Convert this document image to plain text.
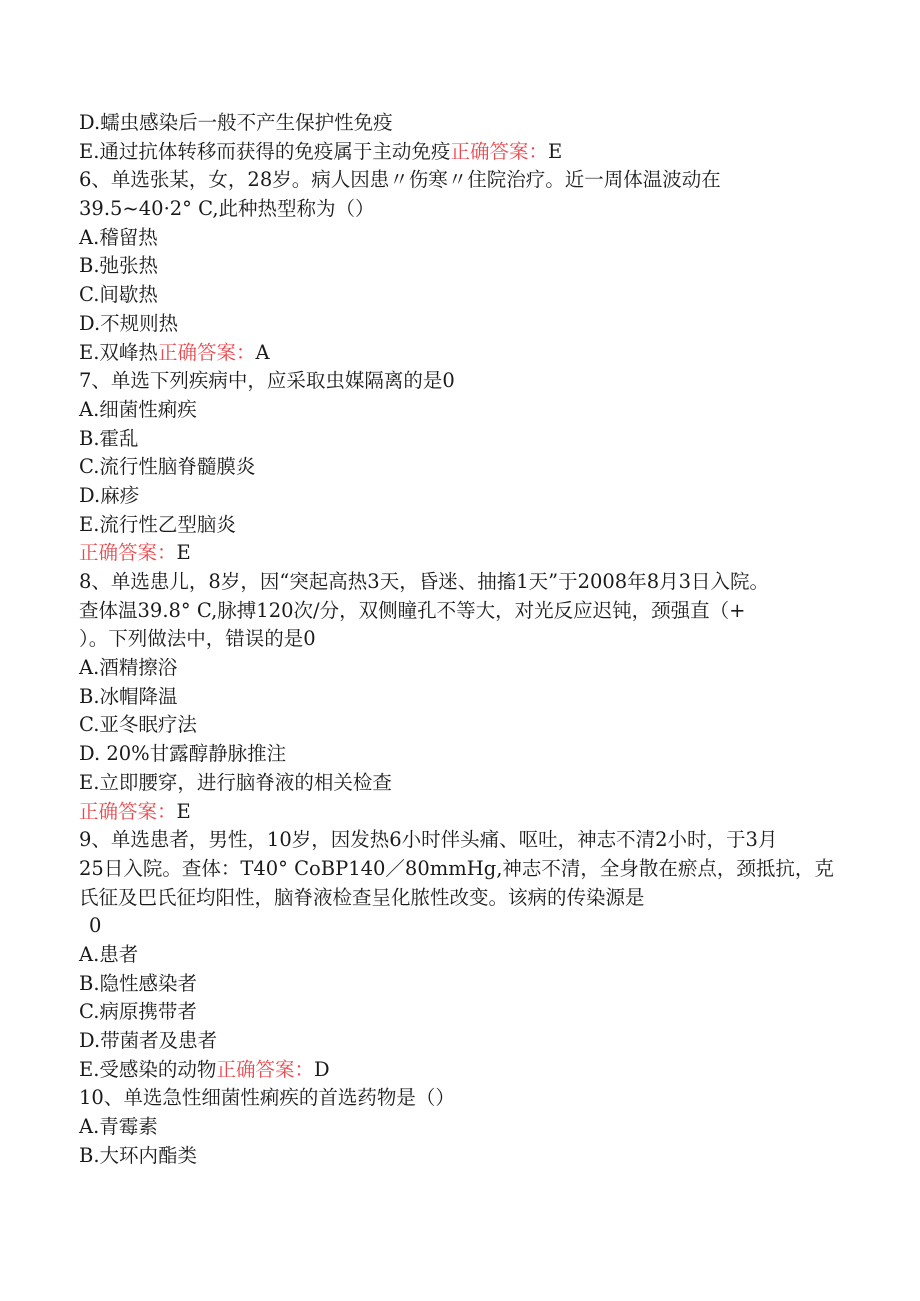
D.蠕虫感染后一般不产生保护性免疫
E.通过抗体转移而获得的免疫属于主动免疫正确答案：E
6、单选张某，女，28岁。病人因患〃伤寒〃住院治疗。近一周体温波动在
39.5~40·2° C,此种热型称为（）
A.稽留热
B.弛张热
C.间歇热
D.不规则热
E.双峰热正确答案：A
7、单选下列疾病中，应采取虫媒隔离的是0
A.细菌性痢疾
B.霍乱
C.流行性脑脊髓膜炎
D.麻疹
E.流行性乙型脑炎
正确答案：E
8、单选患儿，8岁，因“突起高热3天，昏迷、抽搐1天”于2008年8月3日入院。
查体温39.8° C,脉搏120次/分，双侧瞳孔不等大，对光反应迟钝，颈强直（+
）。下列做法中，错误的是0
A.酒精擦浴
B.冰帽降温
C.亚冬眠疗法
D. 20%甘露醇静脉推注
E.立即腰穿，进行脑脊液的相关检查
正确答案：E
9、单选患者，男性，10岁，因发热6小时伴头痛、呕吐，神志不清2小时，于3月
25日入院。查体：T40° CoBP140／80mmHg,神志不清，全身散在瘀点，颈抵抗，克
氏征及巴氏征均阳性，脑脊液检查呈化脓性改变。该病的传染源是
0
A.患者
B.隐性感染者
C.病原携带者
D.带菌者及患者
E.受感染的动物正确答案：D
10、单选急性细菌性痢疾的首选药物是（）
A.青霉素
B.大环内酯类
